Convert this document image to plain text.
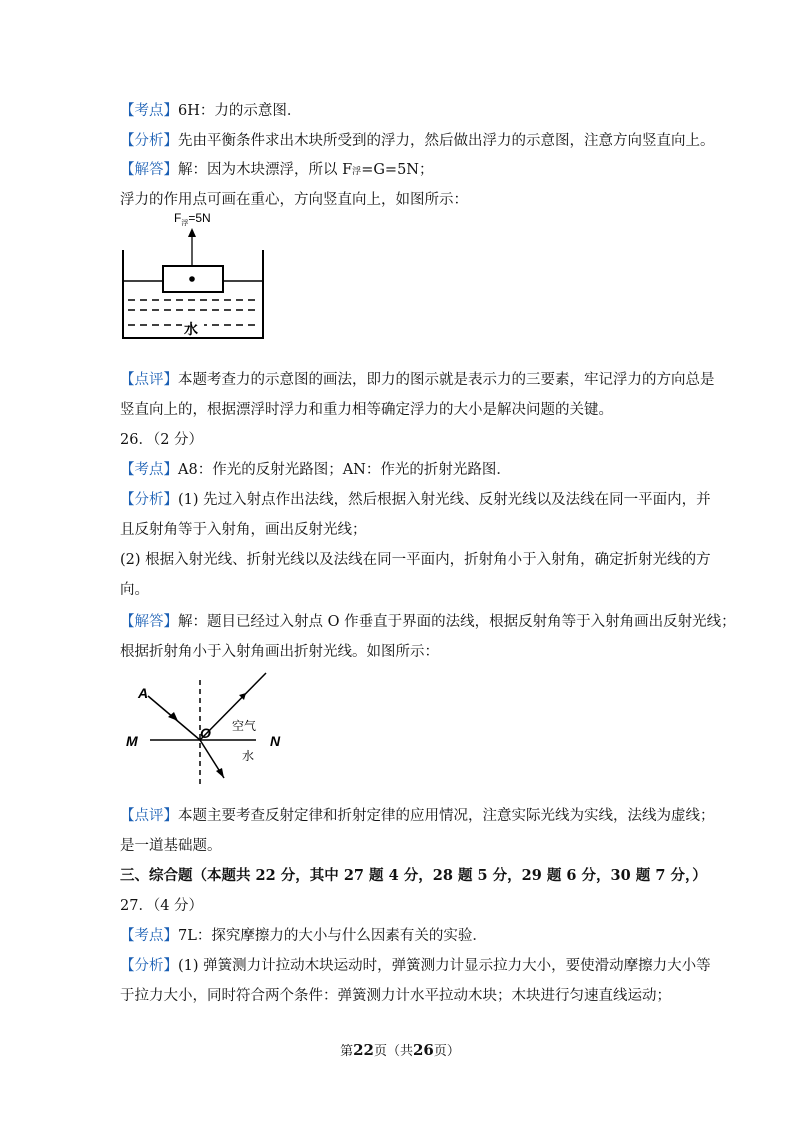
【考点】6H：力的示意图．
【分析】先由平衡条件求出木块所受到的浮力，然后做出浮力的示意图，注意方向竖直向上。
【解答】解：因为木块漂浮，所以 F浮=G=5N；
浮力的作用点可画在重心，方向竖直向上，如图所示：
$F_浮=5N$
水
【点评】本题考查力的示意图的画法，即力的图示就是表示力的三要素，牢记浮力的方向总是
竖直向上的，根据漂浮时浮力和重力相等确定浮力的大小是解决问题的关键。
26．（2 分）
【考点】A8：作光的反射光路图；AN：作光的折射光路图．
【分析】(1) 先过入射点作出法线，然后根据入射光线、反射光线以及法线在同一平面内，并
且反射角等于入射角，画出反射光线；
(2) 根据入射光线、折射光线以及法线在同一平面内，折射角小于入射角，确定折射光线的方
向。
【解答】解：题目已经过入射点 O 作垂直于界面的法线，根据反射角等于入射角画出反射光线；
根据折射角小于入射角画出折射光线。如图所示：
A
M	N
O 空气
水
【点评】本题主要考查反射定律和折射定律的应用情况，注意实际光线为实线，法线为虚线；
是一道基础题。
三、综合题（本题共 22 分，其中 27 题 4 分，28 题 5 分，29 题 6 分，30 题 7 分，）
27．（4 分）
【考点】7L：探究摩擦力的大小与什么因素有关的实验．
【分析】(1) 弹簧测力计拉动木块运动时，弹簧测力计显示拉力大小，要使滑动摩擦力大小等
于拉力大小，同时符合两个条件：弹簧测力计水平拉动木块；木块进行匀速直线运动；
第22页（共26页）
